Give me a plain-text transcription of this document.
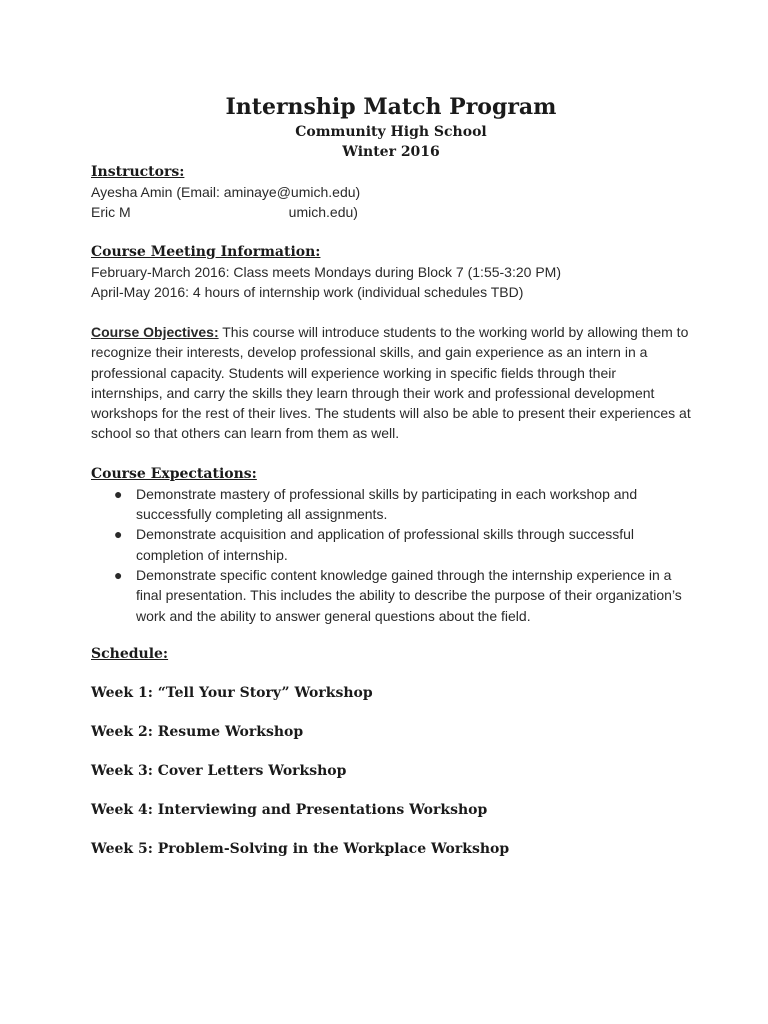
Internship Match Program

Community High School

Winter 2016

Instructors:
Ayesha Amin (Email: aminaye@umich.edu)
Eric M	umich.edu)
Course Meeting Information:
February-March 2016: Class meets Mondays during Block 7 (1:55-3:20 PM)
April-May 2016: 4 hours of internship work (individual schedules TBD)

Course Objectives: This course will introduce students to the working world by allowing them to recognize their interests, develop professional skills, and gain experience as an intern in a professional capacity. Students will experience working in specific fields through their internships, and carry the skills they learn through their work and professional development workshops for the rest of their lives. The students will also be able to present their experiences at school so that others can learn from them as well.

Course Expectations:
● Demonstrate mastery of professional skills by participating in each workshop and successfully completing all assignments.
● Demonstrate acquisition and application of professional skills through successful completion of internship.
● Demonstrate specific content knowledge gained through the internship experience in a final presentation. This includes the ability to describe the purpose of their organization’s work and the ability to answer general questions about the field.
Schedule:

Week 1: “Tell Your Story” Workshop

Week 2: Resume Workshop

Week 3: Cover Letters Workshop

Week 4: Interviewing and Presentations Workshop

Week 5: Problem-Solving in the Workplace Workshop
